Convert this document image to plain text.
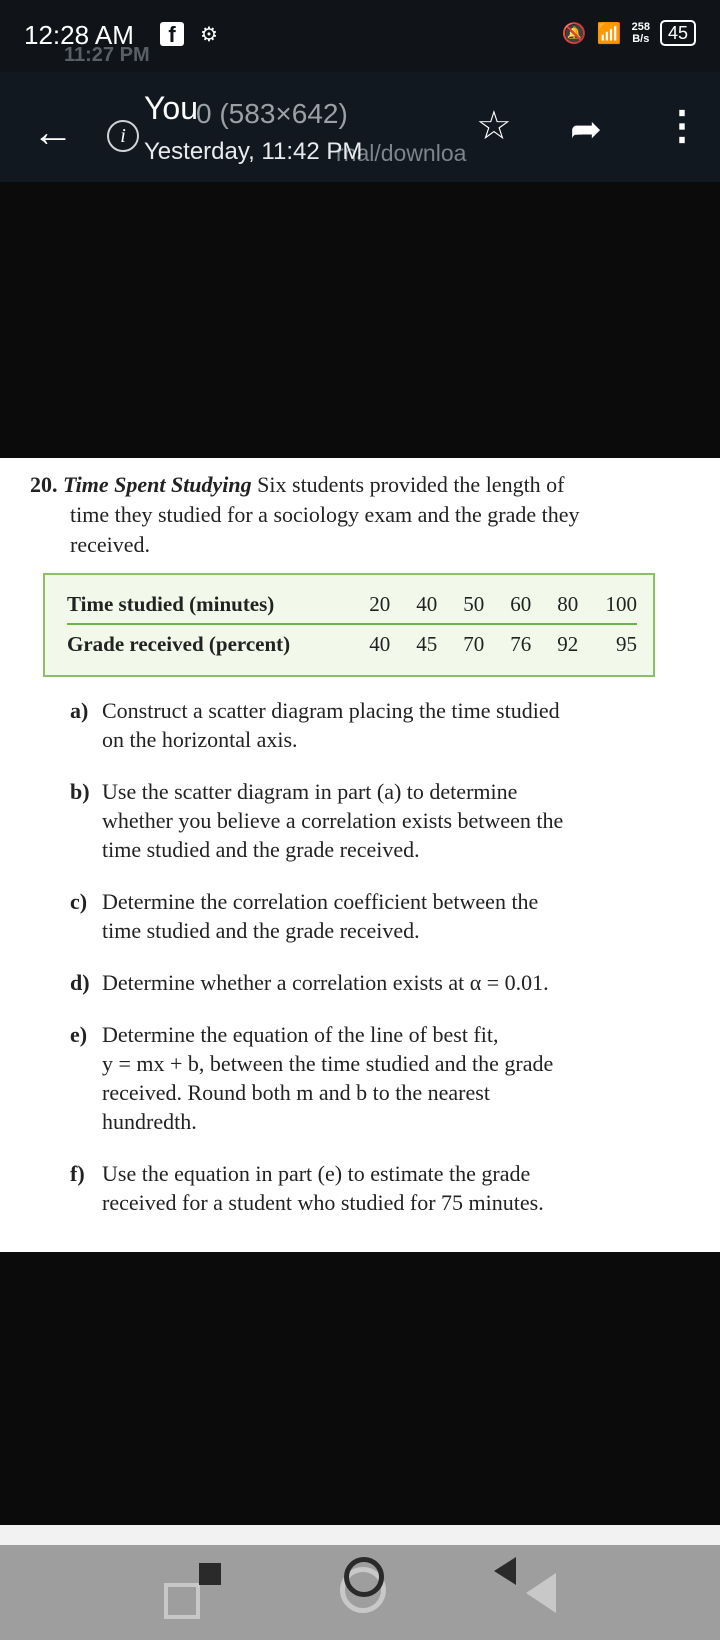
11:27 PM
12:28 AM	f	⚙	🔕 📶 258
B/s	45
←	i
0 (583×642)
You
rnal/downloa
Yesterday, 11:42 PM
☆ ➦ ⋮
20. Time Spent Studying Six students provided the length of
time they studied for a sociology exam and the grade they
received.
Time studied (minutes)	20	40	50	60	80	100
Grade received (percent)	40	45	70	76	92	95
a) Construct a scatter diagram placing the time studied
on the horizontal axis.
b) Use the scatter diagram in part (a) to determine
whether you believe a correlation exists between the
time studied and the grade received.
c) Determine the correlation coefficient between the
time studied and the grade received.
d) Determine whether a correlation exists at α = 0.01.
e) Determine the equation of the line of best fit,
y = mx + b, between the time studied and the grade
received. Round both m and b to the nearest
hundredth.
f) Use the equation in part (e) to estimate the grade
received for a student who studied for 75 minutes.
